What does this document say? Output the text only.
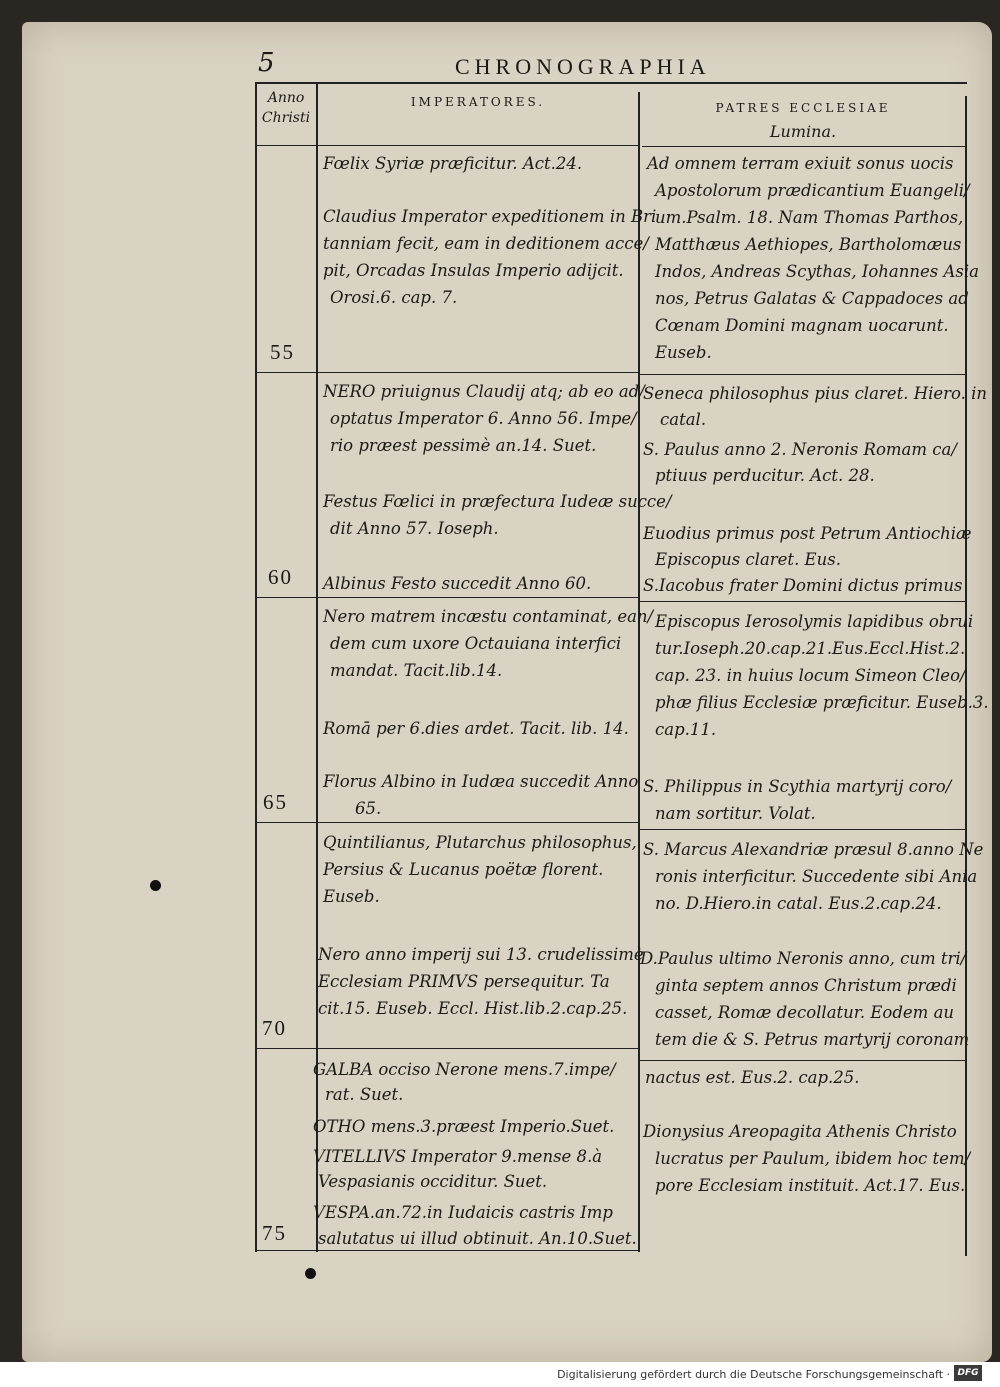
5	CHRONOGRAPHIA
Anno
Christi
IMPERATORES.	PATRES ECCLESIAE
Lumina.
55
60
65
70
75
Fœlix Syriæ præficitur. Act.24.
Claudius Imperator expeditionem in Bri
tanniam fecit, eam in deditionem acce/
pit, Orcadas Insulas Imperio adijcit.
Orosi.6. cap. 7.
NERO priuignus Claudij atq; ab eo ad/
optatus Imperator 6. Anno 56. Impe/
rio præest pessimè an.14. Suet.
Festus Fœlici in præfectura Iudeæ succe/
dit Anno 57. Ioseph.
Albinus Festo succedit Anno 60.
Nero matrem incæstu contaminat, ean/
dem cum uxore Octauiana interfici
mandat. Tacit.lib.14.
Romā per 6.dies ardet. Tacit. lib. 14.
Florus Albino in Iudæa succedit Anno
65.
Quintilianus, Plutarchus philosophus,
Persius & Lucanus poëtæ florent.
Euseb.
Nero anno imperij sui 13. crudelissimè
Ecclesiam PRIMVS persequitur. Ta
cit.15. Euseb. Eccl. Hist.lib.2.cap.25.
GALBA occiso Nerone mens.7.impe/
rat. Suet.
OTHO mens.3.præest Imperio.Suet.
VITELLIVS Imperator 9.mense 8.à
Vespasianis occiditur. Suet.
VESPA.an.72.in Iudaicis castris Imp
salutatus ui illud obtinuit. An.10.Suet.
Ad omnem terram exiuit sonus uocis
Apostolorum prædicantium Euangeli/
um.Psalm. 18. Nam Thomas Parthos,
Matthæus Aethiopes, Bartholomæus
Indos, Andreas Scythas, Iohannes Asia
nos, Petrus Galatas & Cappadoces ad
Cœnam Domini magnam uocarunt.
Euseb.
Seneca philosophus pius claret. Hiero. in
catal.
S. Paulus anno 2. Neronis Romam ca/
ptiuus perducitur. Act. 28.
Euodius primus post Petrum Antiochiæ
Episcopus claret. Eus.
S.Iacobus frater Domini dictus primus
Episcopus Ierosolymis lapidibus obrui
tur.Ioseph.20.cap.21.Eus.Eccl.Hist.2.
cap. 23. in huius locum Simeon Cleo/
phæ filius Ecclesiæ præficitur. Euseb.3.
cap.11.
S. Philippus in Scythia martyrij coro/
nam sortitur. Volat.
S. Marcus Alexandriæ præsul 8.anno Ne
ronis interficitur. Succedente sibi Ania
no. D.Hiero.in catal. Eus.2.cap.24.
D.Paulus ultimo Neronis anno, cum tri/
ginta septem annos Christum prædi
casset, Romæ decollatur. Eodem au
tem die & S. Petrus martyrij coronam
nactus est. Eus.2. cap.25.
Dionysius Areopagita Athenis Christo
lucratus per Paulum, ibidem hoc tem/
pore Ecclesiam instituit. Act.17. Eus.
Digitalisierung gefördert durch die Deutsche Forschungsgemeinschaft · DFG
